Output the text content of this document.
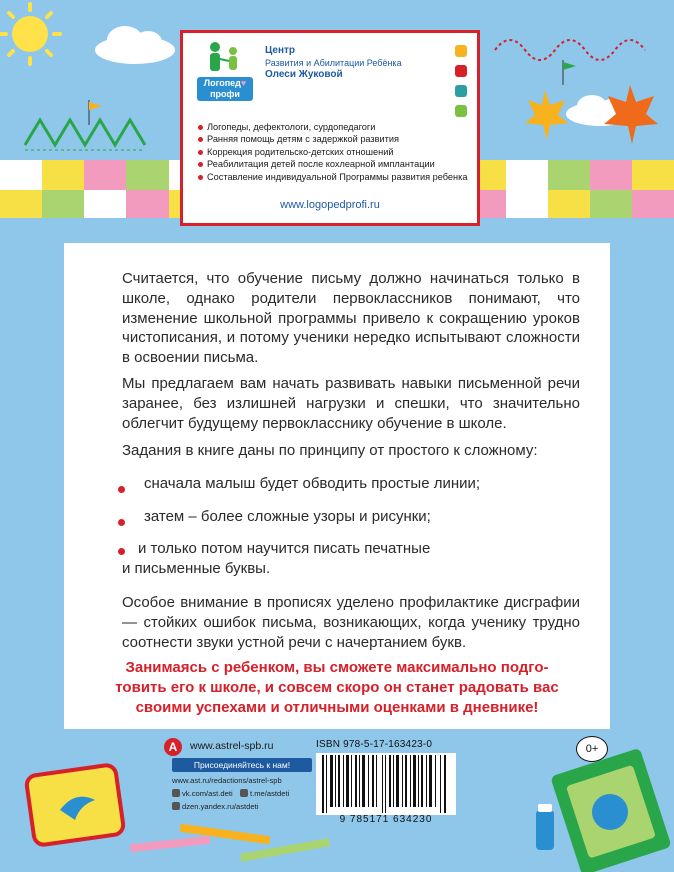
Логопед♥
профи
Центр
Развития и Абилитации Ребёнка
Олеси Жуковой
Логопеды, дефектологи, сурдопедагоги
Ранняя помощь детям с задержкой развития
Коррекция родительско-детских отношений
Реабилитация детей после кохлеарной имплантации
Составление индивидуальной Программы развития ребенка
www.logopedprofi.ru

Считается, что обучение письму должно начинаться только в школе, однако родители первоклассников понимают, что изменение школьной программы привело к сокращению уроков чистописания, и потому ученики нередко испытывают сложности в освоении письма.

Мы предлагаем вам начать развивать навыки письменной речи заранее, без излишней нагрузки и спешки, что значительно облегчит будущему первокласснику обучение в школе.

Задания в книге даны по принципу от простого к сложному:

сначала малыш будет обводить простые линии;
затем – более сложные узоры и рисунки;
и только потом научится писать печатные
и письменные буквы.

Особое внимание в прописях уделено профилактике дисграфии — стойких ошибок письма, возникающих, когда ученику трудно соотнести звуки устной речи с начертанием букв.

Занимаясь с ребенком, вы сможете максимально подго-
товить его к школе, и совсем скоро он станет радовать вас
своими успехами и отличными оценками в дневнике!
А	www.astrel-spb.ru
Присоединяйтесь к нам!
www.ast.ru/redactions/astrel-spb
vk.com/ast.deti	t.me/astdeti
dzen.yandex.ru/astdeti
ISBN 978-5-17-163423-0
9 785171 634230
0+
